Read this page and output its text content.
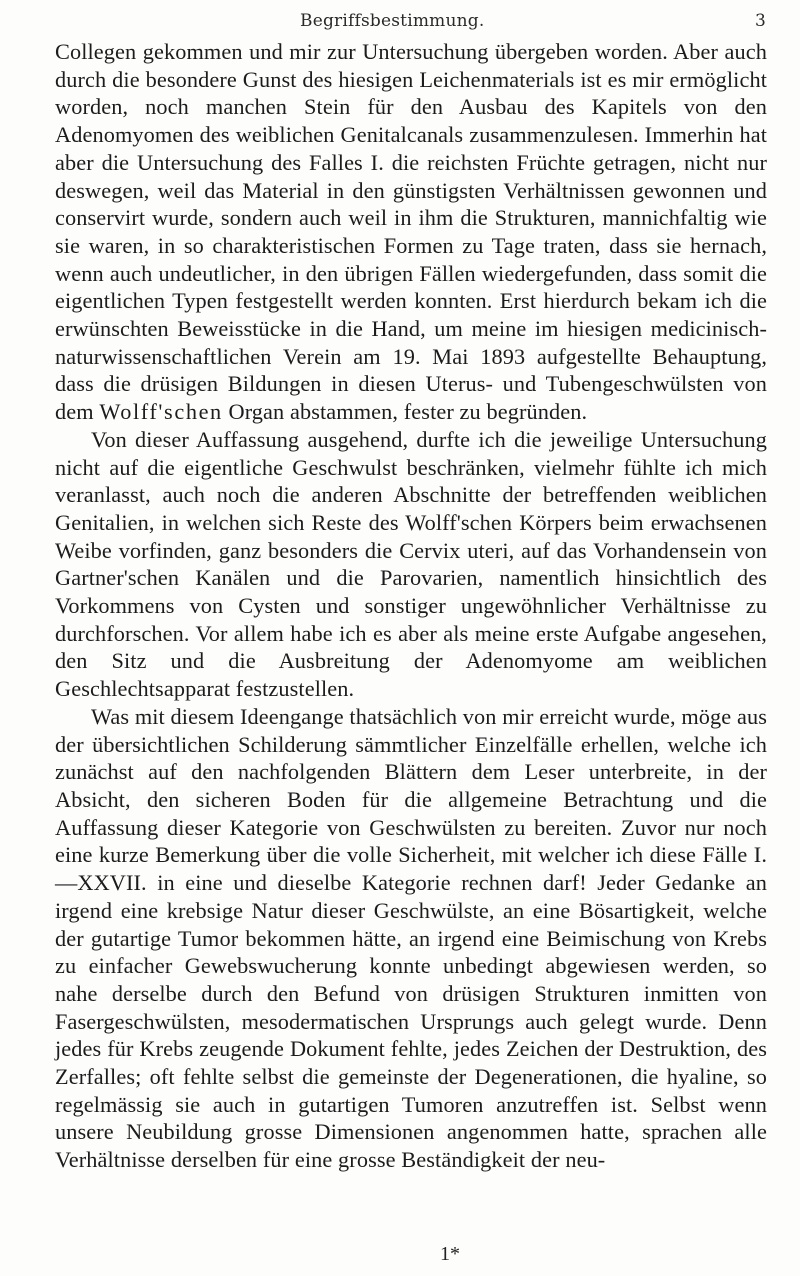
Begriffsbestimmung.	3

Collegen gekommen und mir zur Untersuchung übergeben worden. Aber auch durch die besondere Gunst des hiesigen Leichenmaterials ist es mir ermöglicht worden, noch manchen Stein für den Ausbau des Kapitels von den Adenomyomen des weiblichen Genitalcanals zusammenzulesen. Immerhin hat aber die Untersuchung des Falles I. die reichsten Früchte getragen, nicht nur deswegen, weil das Material in den günstigsten Verhältnissen gewonnen und conservirt wurde, sondern auch weil in ihm die Strukturen, mannichfaltig wie sie waren, in so charakteristischen Formen zu Tage traten, dass sie hernach, wenn auch undeutlicher, in den übrigen Fällen wiedergefunden, dass somit die eigentlichen Typen festgestellt werden konnten. Erst hierdurch bekam ich die erwünschten Beweisstücke in die Hand, um meine im hiesigen medicinisch-naturwissenschaftlichen Verein am 19. Mai 1893 aufgestellte Behauptung, dass die drüsigen Bildungen in diesen Uterus- und Tubengeschwülsten von dem Wolff'schen Organ abstammen, fester zu begründen.

Von dieser Auffassung ausgehend, durfte ich die jeweilige Untersuchung nicht auf die eigentliche Geschwulst beschränken, vielmehr fühlte ich mich veranlasst, auch noch die anderen Abschnitte der betreffenden weiblichen Genitalien, in welchen sich Reste des Wolff'schen Körpers beim erwachsenen Weibe vorfinden, ganz besonders die Cervix uteri, auf das Vorhandensein von Gartner'schen Kanälen und die Parovarien, namentlich hinsichtlich des Vorkommens von Cysten und sonstiger ungewöhnlicher Verhältnisse zu durchforschen. Vor allem habe ich es aber als meine erste Aufgabe angesehen, den Sitz und die Ausbreitung der Adenomyome am weiblichen Geschlechtsapparat festzustellen.

Was mit diesem Ideengange thatsächlich von mir erreicht wurde, möge aus der übersichtlichen Schilderung sämmtlicher Einzelfälle erhellen, welche ich zunächst auf den nachfolgenden Blättern dem Leser unterbreite, in der Absicht, den sicheren Boden für die allgemeine Betrachtung und die Auffassung dieser Kategorie von Geschwülsten zu bereiten. Zuvor nur noch eine kurze Bemerkung über die volle Sicherheit, mit welcher ich diese Fälle I.—XXVII. in eine und dieselbe Kategorie rechnen darf! Jeder Gedanke an irgend eine krebsige Natur dieser Geschwülste, an eine Bösartigkeit, welche der gutartige Tumor bekommen hätte, an irgend eine Beimischung von Krebs zu einfacher Gewebswucherung konnte unbedingt abgewiesen werden, so nahe derselbe durch den Befund von drüsigen Strukturen inmitten von Fasergeschwülsten, mesodermatischen Ursprungs auch gelegt wurde. Denn jedes für Krebs zeugende Dokument fehlte, jedes Zeichen der Destruktion, des Zerfalles; oft fehlte selbst die gemeinste der Degenerationen, die hyaline, so regelmässig sie auch in gutartigen Tumoren anzutreffen ist. Selbst wenn unsere Neubildung grosse Dimensionen angenommen hatte, sprachen alle Verhältnisse derselben für eine grosse Beständigkeit der neu-

1*
